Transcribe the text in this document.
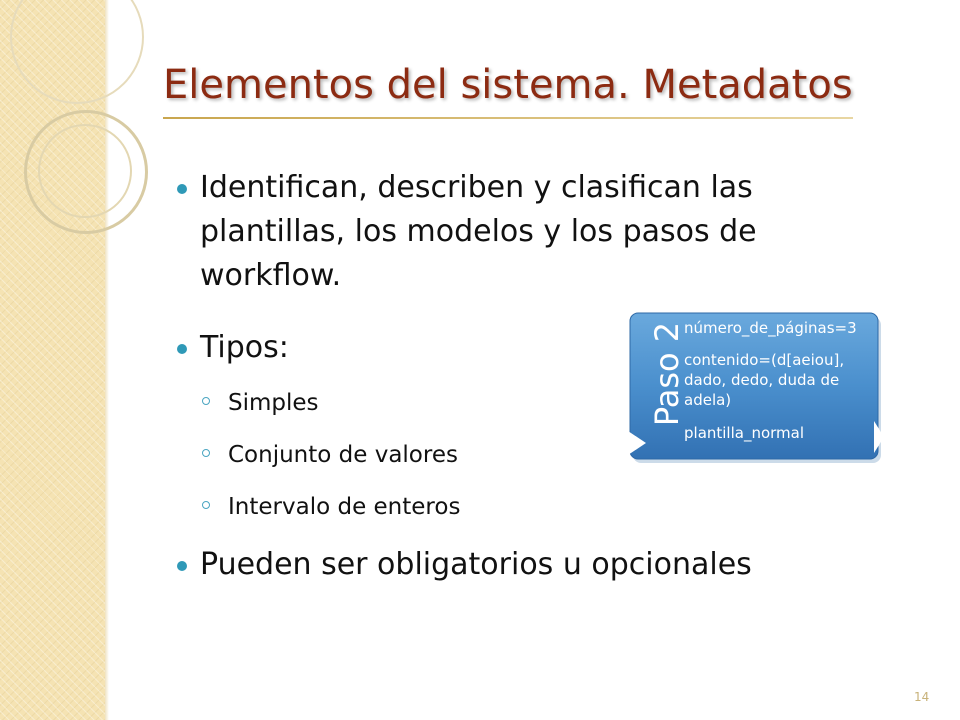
Elementos del sistema. Metadatos

Identifican, describen y clasifican las plantillas, los modelos y los pasos de workflow.

Tipos:

Simples

Conjunto de valores

Intervalo de enteros

Pueden ser obligatorios u opcionales

Paso 2

número_de_páginas=3

contenido=(d[aeiou],

dado, dedo, duda de

adela)

plantilla_normal

14
